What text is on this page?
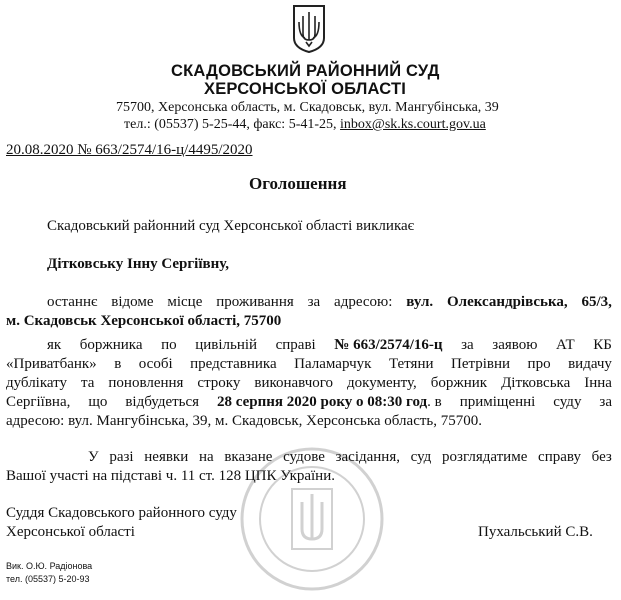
СКАДОВСЬКИЙ РАЙОННИЙ СУД
ХЕРСОНСЬКОЇ ОБЛАСТІ
75700, Херсонська область, м. Скадовськ, вул. Мангубінська, 39
тел.: (05537) 5-25-44, факс: 5-41-25, inbox@sk.ks.court.gov.ua
20.08.2020 № 663/2574/16-ц/4495/2020
Оголошення
Скадовський районний суд Херсонської області викликає
Дітковську Інну Сергіївну,
останнє відоме місце проживання за адресою: вул. Олександрівська, 65/3,
м. Скадовськ Херсонської області, 75700
як боржника по цивільній справі № 663/2574/16-ц за заявою АТ КБ
«Приватбанк» в особі представника Паламарчук Тетяни Петрівни про видачу
дублікату та поновлення строку виконавчого документу, боржник Дітковська Інна
Сергіївна, що відбудеться 28 серпня 2020 року о 08:30 год. в приміщенні суду за
адресою: вул. Мангубінська, 39, м. Скадовськ, Херсонська область, 75700.
У разі неявки на вказане судове засідання, суд розглядатиме справу без
Вашої участі на підставі ч. 11 ст. 128 ЦПК України.
Суддя Скадовського районного суду
Херсонської області	Пухальський С.В.
Вик. О.Ю. Радіонова
тел. (05537) 5-20-93
